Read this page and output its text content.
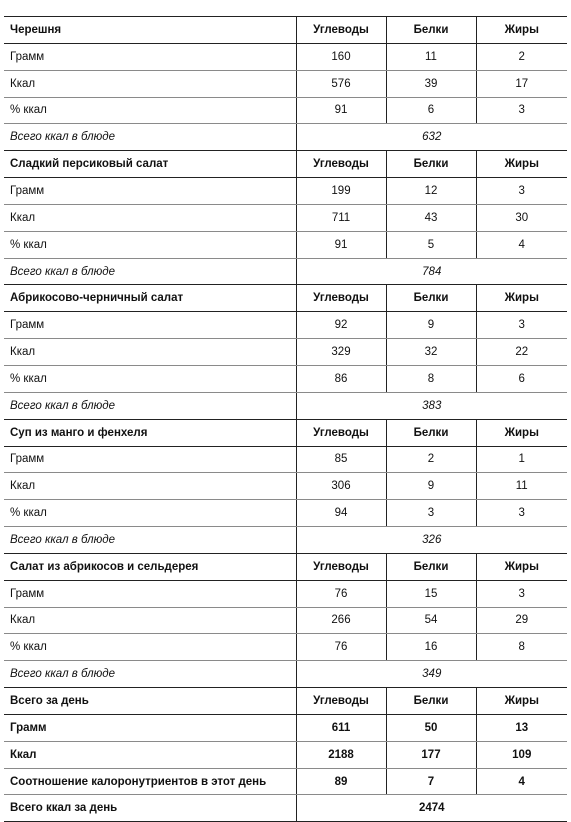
Черешня	Углеводы	Белки	Жиры
Грамм	160	11	2
Ккал	576	39	17
% ккал	91	6	3
Всего ккал в блюде	632		
Сладкий персиковый салат	Углеводы	Белки	Жиры
Грамм	199	12	3
Ккал	711	43	30
% ккал	91	5	4
Всего ккал в блюде	784		
Абрикосово-черничный салат	Углеводы	Белки	Жиры
Грамм	92	9	3
Ккал	329	32	22
% ккал	86	8	6
Всего ккал в блюде	383		
Суп из манго и фенхеля	Углеводы	Белки	Жиры
Грамм	85	2	1
Ккал	306	9	11
% ккал	94	3	3
Всего ккал в блюде	326		
Салат из абрикосов и сельдерея	Углеводы	Белки	Жиры
Грамм	76	15	3
Ккал	266	54	29
% ккал	76	16	8
Всего ккал в блюде	349		
Всего за день	Углеводы	Белки	Жиры
Грамм	611	50	13
Ккал	2188	177	109
Соотношение калоронутриентов в этот день	89	7	4
Всего ккал за день	2474		
